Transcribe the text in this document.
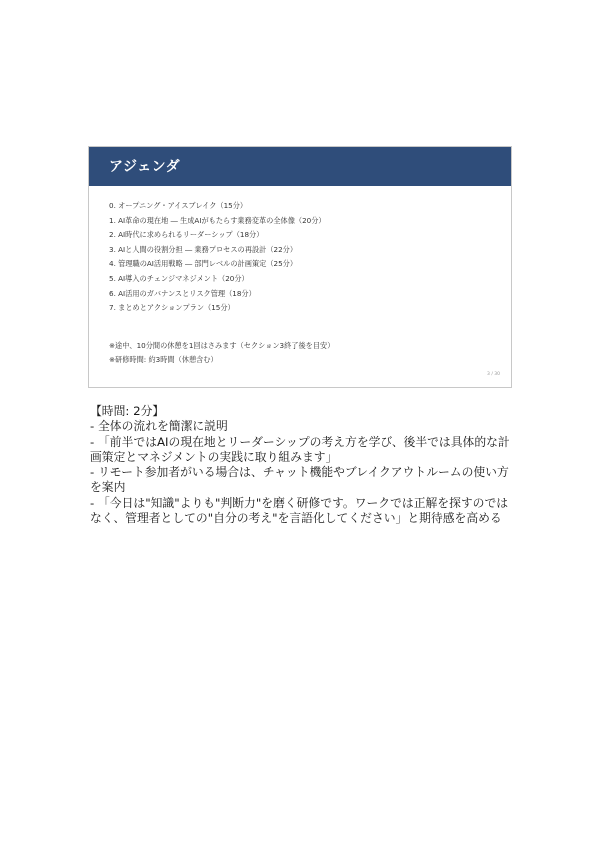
アジェンダ
0. オープニング・アイスブレイク（15分）
1. AI革命の現在地 ― 生成AIがもたらす業務変革の全体像（20分）
2. AI時代に求められるリーダーシップ（18分）
3. AIと人間の役割分担 ― 業務プロセスの再設計（22分）
4. 管理職のAI活用戦略 ― 部門レベルの計画策定（25分）
5. AI導入のチェンジマネジメント（20分）
6. AI活用のガバナンスとリスク管理（18分）
7. まとめとアクションプラン（15分）
※途中、10分間の休憩を1回はさみます（セクション3終了後を目安）
※研修時間: 約3時間（休憩含む）
3 / 30

【時間: 2分】

- 全体の流れを簡潔に説明

- 「前半ではAIの現在地とリーダーシップの考え方を学び、後半では具体的な計画策定とマネジメントの実践に取り組みます」

- リモート参加者がいる場合は、チャット機能やブレイクアウトルームの使い方を案内

- 「今日は"知識"よりも"判断力"を磨く研修です。ワークでは正解を探すのではなく、管理者としての"自分の考え"を言語化してください」と期待感を高める
